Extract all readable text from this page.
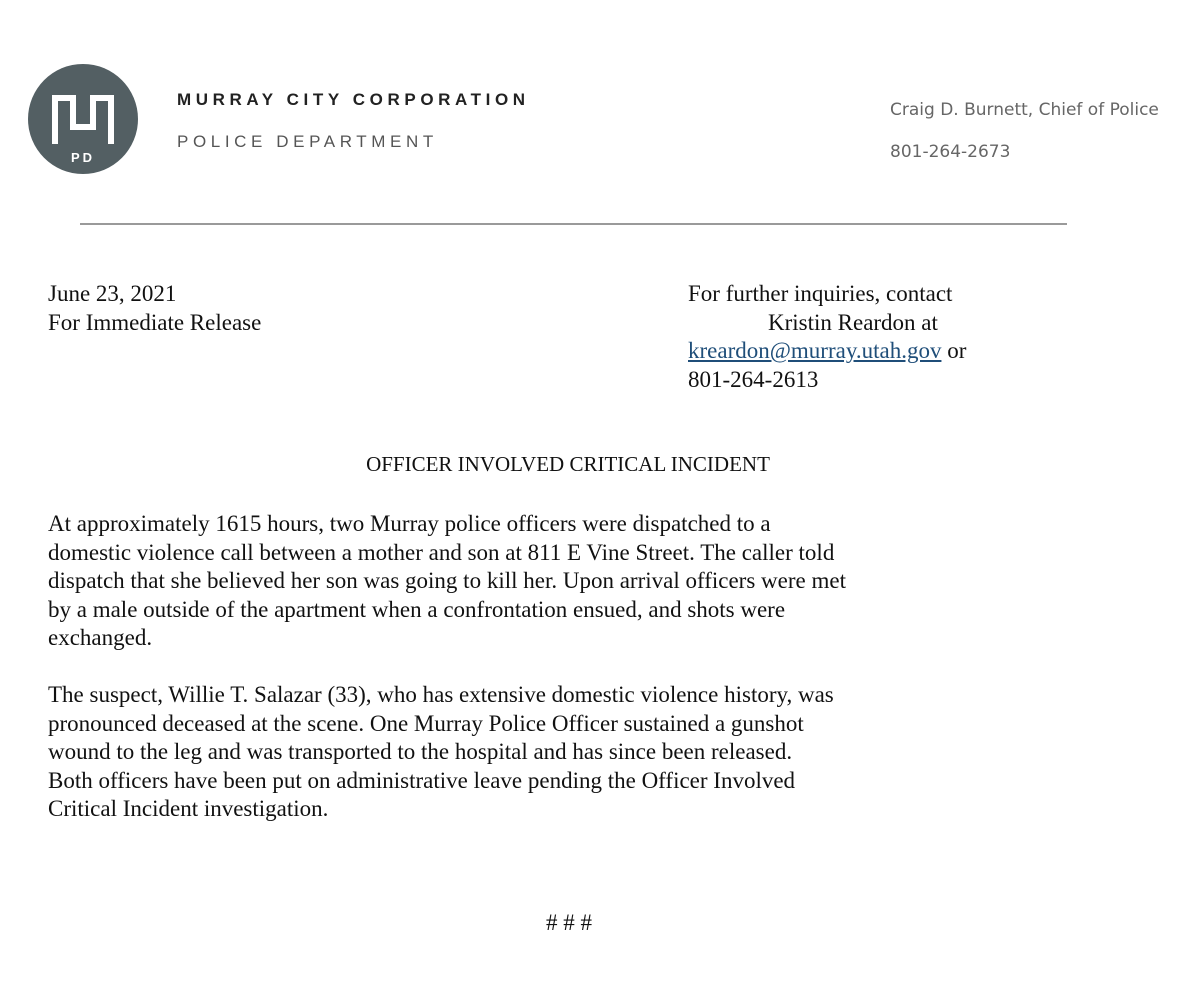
PD
MURRAY CITY CORPORATION
POLICE DEPARTMENT
Craig D. Burnett, Chief of Police
801-264-2673
June 23, 2021
For Immediate Release
For further inquiries, contact
Kristin Reardon at
kreardon@murray.utah.gov or
801-264-2613
OFFICER INVOLVED CRITICAL INCIDENT

At approximately 1615 hours, two Murray police officers were dispatched to a
domestic violence call between a mother and son at 811 E Vine Street. The caller told
dispatch that she believed her son was going to kill her. Upon arrival officers were met
by a male outside of the apartment when a confrontation ensued, and shots were
exchanged.

The suspect, Willie T. Salazar (33), who has extensive domestic violence history, was
pronounced deceased at the scene. One Murray Police Officer sustained a gunshot
wound to the leg and was transported to the hospital and has since been released.
Both officers have been put on administrative leave pending the Officer Involved
Critical Incident investigation.

# # #
